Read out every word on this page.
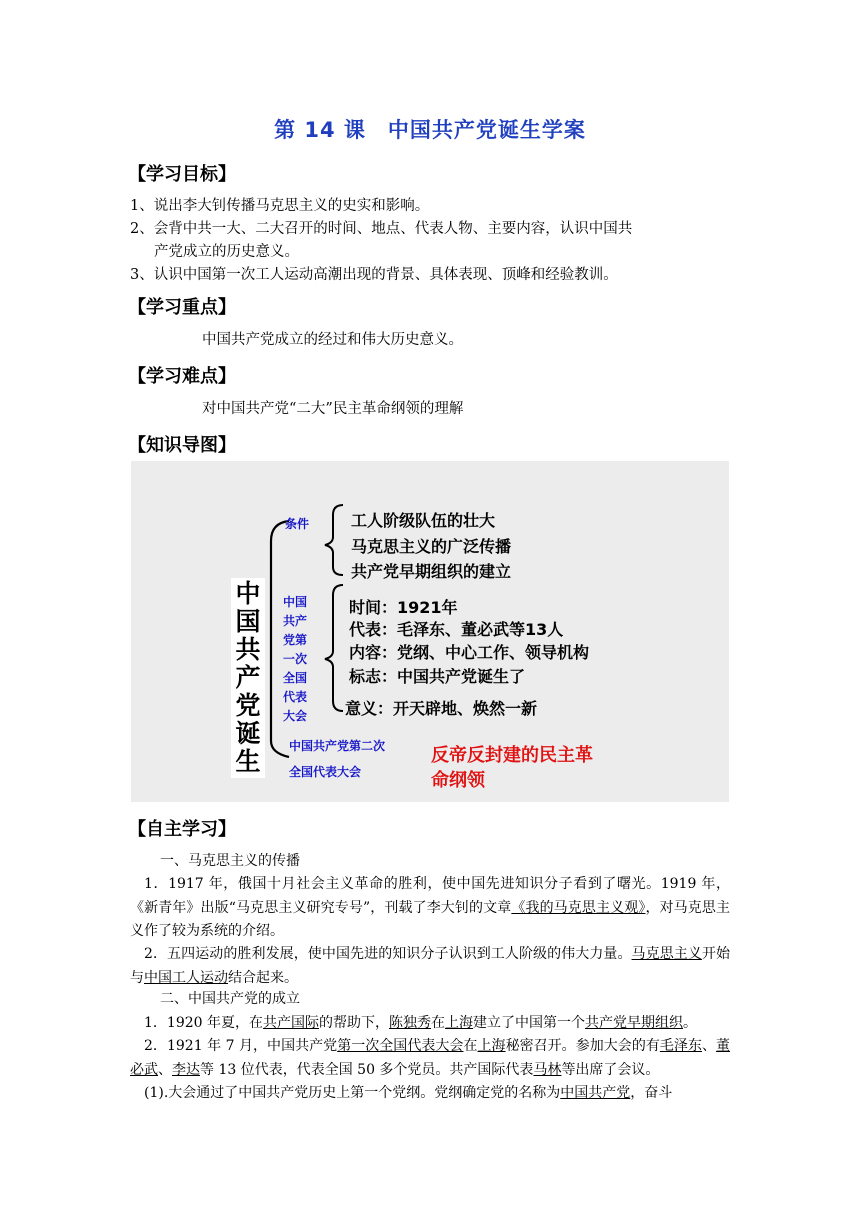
第 14 课　中国共产党诞生学案
【学习目标】
1、说出李大钊传播马克思主义的史实和影响。
2、会背中共一大、二大召开的时间、地点、代表人物、主要内容，认识中国共
产党成立的历史意义。
3、认识中国第一次工人运动高潮出现的背景、具体表现、顶峰和经验教训。
【学习重点】
中国共产党成立的经过和伟大历史意义。
【学习难点】
对中国共产党“二大”民主革命纲领的理解
【知识导图】
中
国
共
产
党
诞
生
条件	工人阶级队伍的壮大
马克思主义的广泛传播
共产党早期组织的建立
中国
共产
党第
一次
全国
代表
大会
时间：1921年
代表：毛泽东、董必武等13人
内容：党纲、中心工作、领导机构
标志：中国共产党诞生了
意义：开天辟地、焕然一新
中国共产党第二次
全国代表大会
反帝反封建的民主革
命纲领
【自主学习】
一、马克思主义的传播
1．1917 年，俄国十月社会主义革命的胜利，使中国先进知识分子看到了曙光。1919 年，《新青年》出版“马克思主义研究专号”，刊载了李大钊的文章《我的马克思主义观》，对马克思主义作了较为系统的介绍。
2．五四运动的胜利发展，使中国先进的知识分子认识到工人阶级的伟大力量。马克思主义开始与中国工人运动结合起来。
二、中国共产党的成立
1．1920 年夏，在共产国际的帮助下，陈独秀在上海建立了中国第一个共产党早期组织。
2．1921 年 7 月，中国共产党第一次全国代表大会在上海秘密召开。参加大会的有毛泽东、董必武、李达等 13 位代表，代表全国 50 多个党员。共产国际代表马林等出席了会议。
(1).大会通过了中国共产党历史上第一个党纲。党纲确定党的名称为中国共产党，奋斗
